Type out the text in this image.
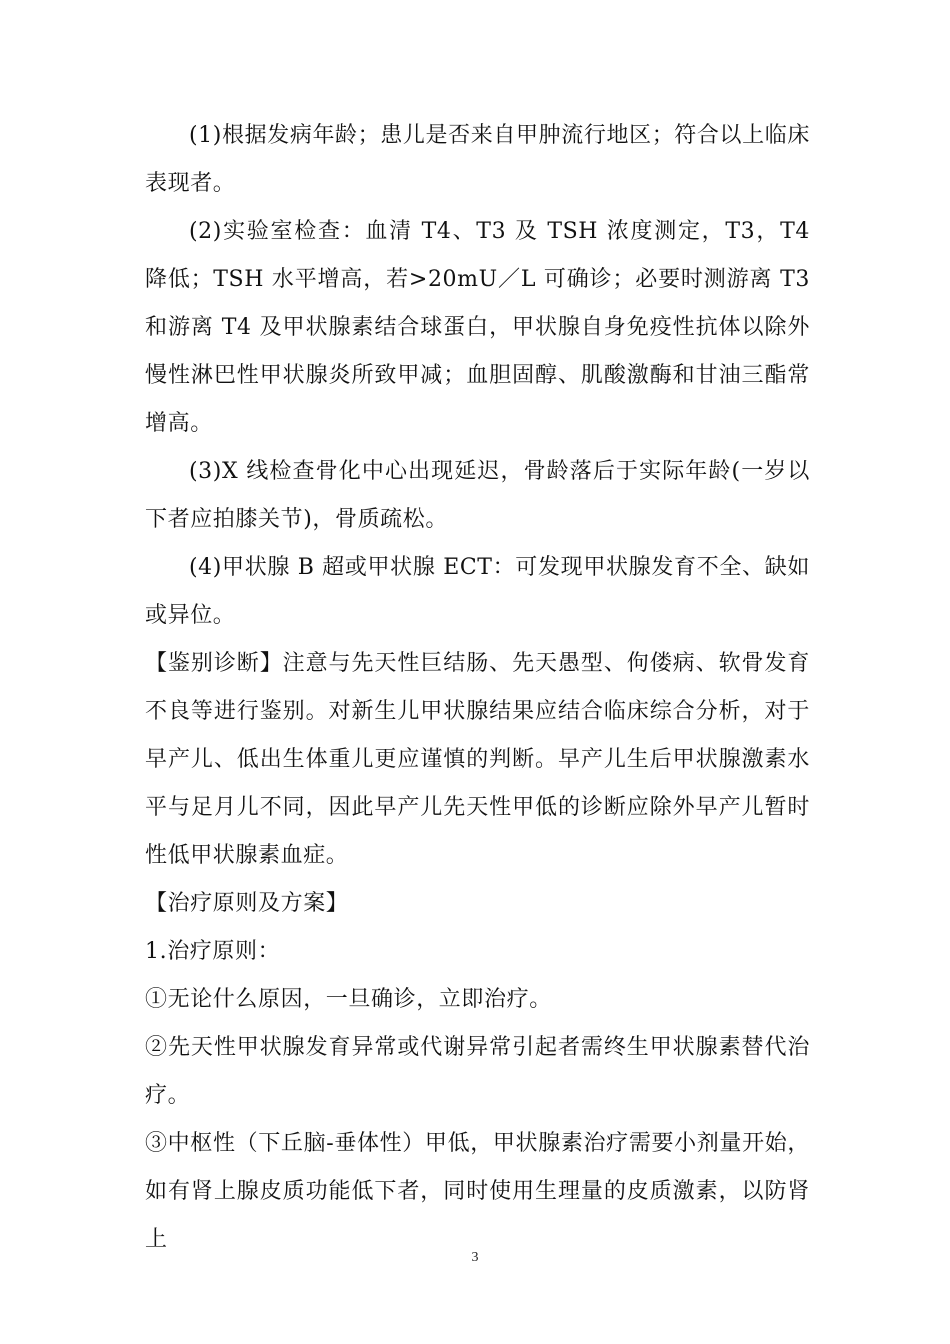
(1)根据发病年龄；患儿是否来自甲肿流行地区；符合以上临床表现者。

(2)实验室检查：血清 T4、T3 及 TSH 浓度测定，T3，T4 降低；TSH 水平增高，若>20mU／L 可确诊；必要时测游离 T3 和游离 T4 及甲状腺素结合球蛋白，甲状腺自身免疫性抗体以除外慢性淋巴性甲状腺炎所致甲减；血胆固醇、肌酸激酶和甘油三酯常增高。

(3)X 线检查骨化中心出现延迟，骨龄落后于实际年龄(一岁以下者应拍膝关节)，骨质疏松。

(4)甲状腺 B 超或甲状腺 ECT：可发现甲状腺发育不全、缺如或异位。

【鉴别诊断】注意与先天性巨结肠、先天愚型、佝偻病、软骨发育不良等进行鉴别。对新生儿甲状腺结果应结合临床综合分析，对于早产儿、低出生体重儿更应谨慎的判断。早产儿生后甲状腺激素水平与足月儿不同，因此早产儿先天性甲低的诊断应除外早产儿暂时性低甲状腺素血症。

【治疗原则及方案】

1.治疗原则：

①无论什么原因，一旦确诊，立即治疗。

②先天性甲状腺发育异常或代谢异常引起者需终生甲状腺素替代治疗。

③中枢性（下丘脑-垂体性）甲低，甲状腺素治疗需要小剂量开始，如有肾上腺皮质功能低下者，同时使用生理量的皮质激素，以防肾上

3
